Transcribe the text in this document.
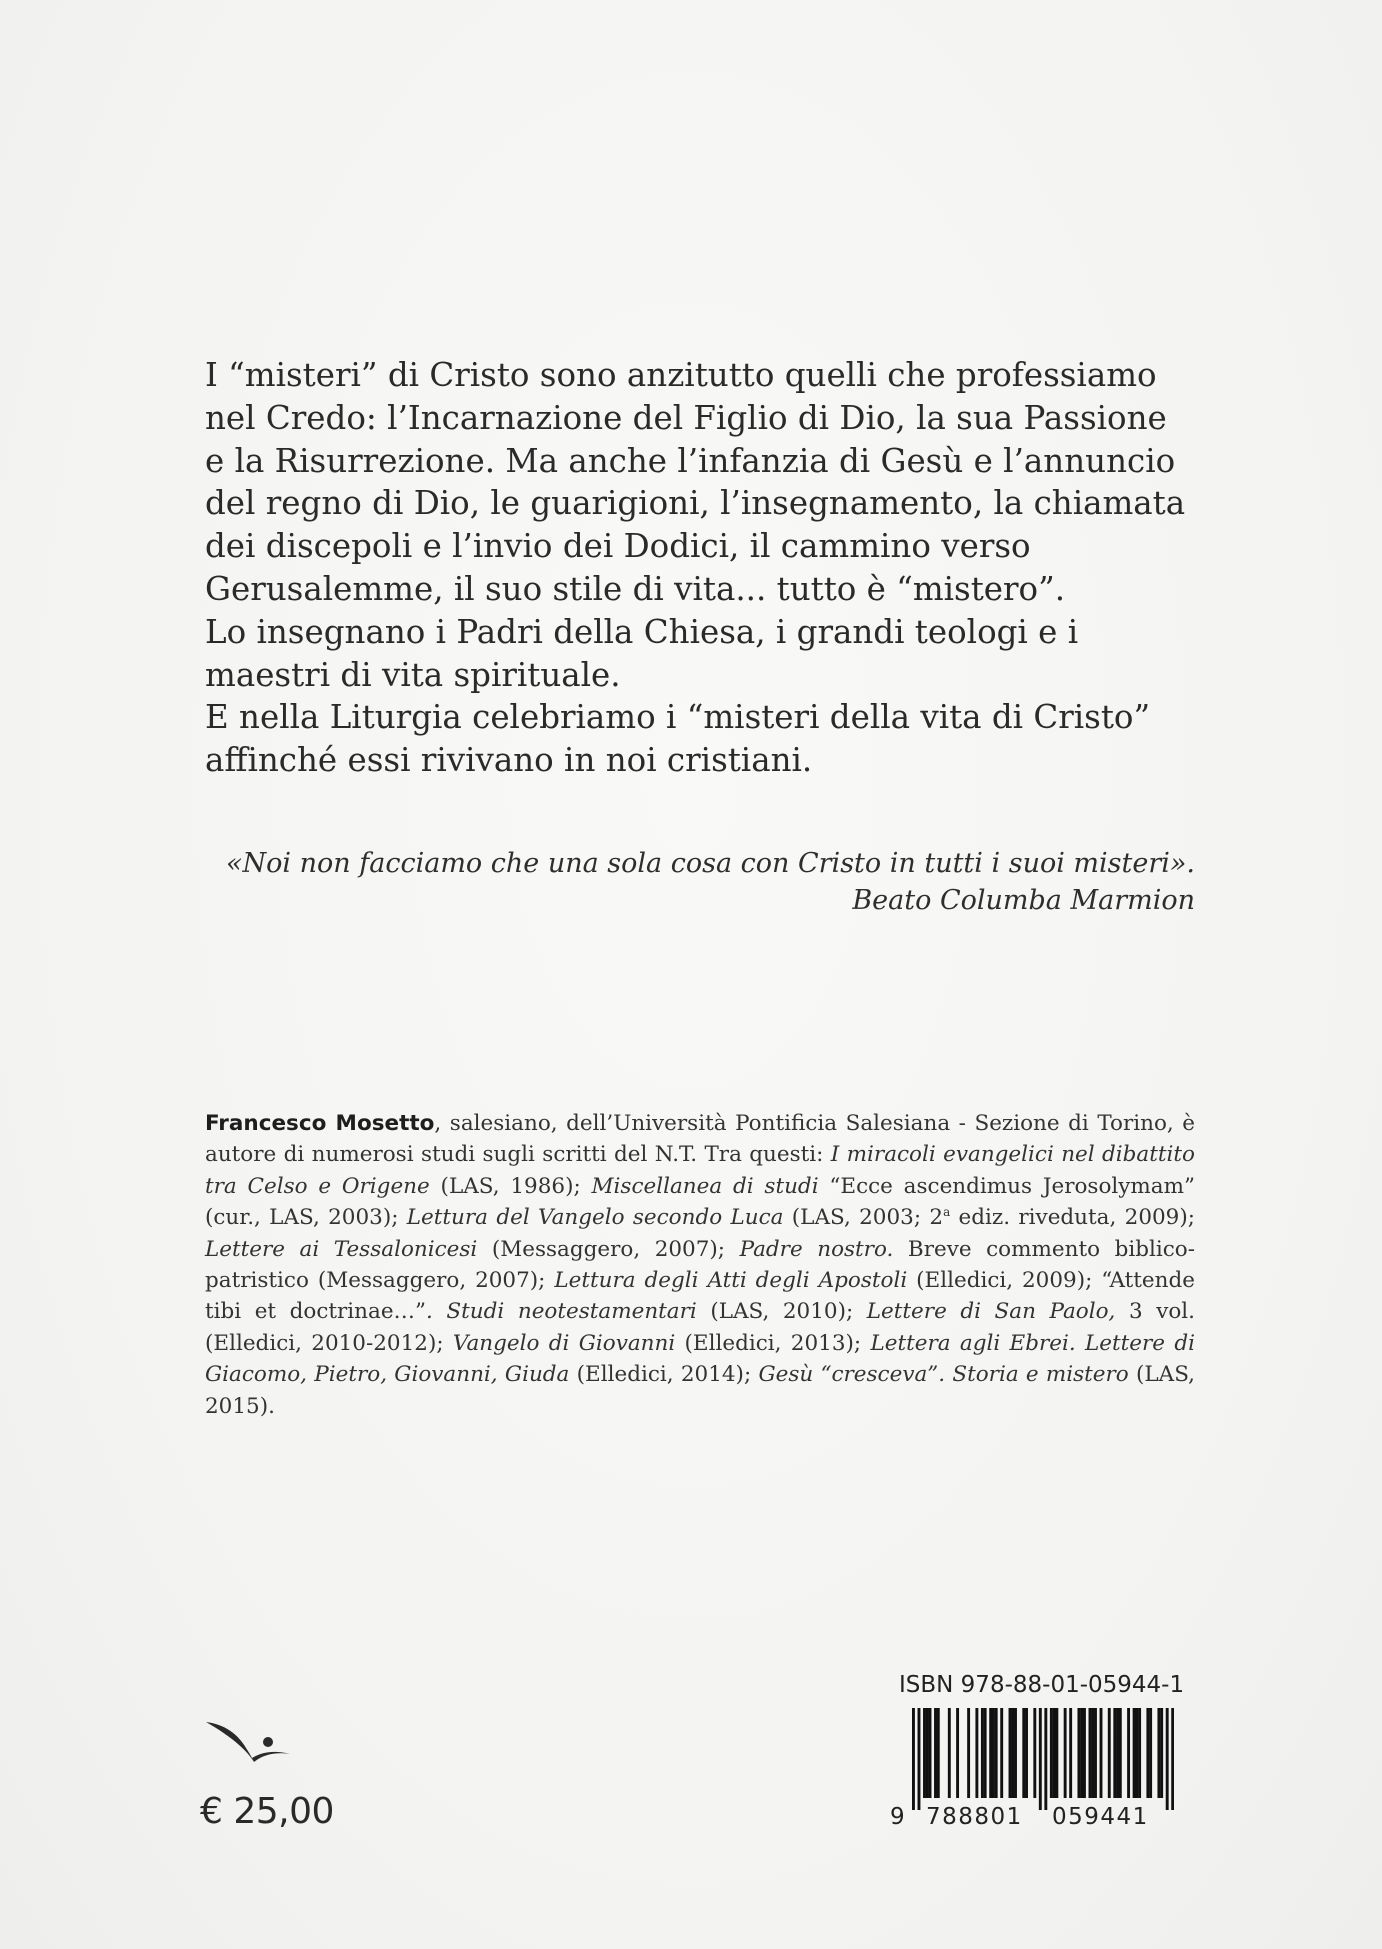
I “misteri” di Cristo sono anzitutto quelli che professiamo nel Credo: l’Incarnazione del Figlio di Dio, la sua Passione e la Risurrezione. Ma anche l’infanzia di Gesù e l’annuncio del regno di Dio, le guarigioni, l’insegnamento, la chiamata dei discepoli e l’invio dei Dodici, il cammino verso Gerusalemme, il suo stile di vita... tutto è “mistero”.

Lo insegnano i Padri della Chiesa, i grandi teologi e i maestri di vita spirituale.

E nella Liturgia celebriamo i “misteri della vita di Cristo” affinché essi rivivano in noi cristiani.

«Noi non facciamo che una sola cosa con Cristo in tutti i suoi misteri».
Beato Columba Marmion
Francesco Mosetto, salesiano, dell’Università Pontificia Salesiana - Sezione di Torino, è autore di numerosi studi sugli scritti del N.T. Tra questi: I miracoli evangelici nel dibattito tra Celso e Origene (LAS, 1986); Miscellanea di studi “Ecce ascendimus Jerosolymam” (cur., LAS, 2003); Lettura del Vangelo secondo Luca (LAS, 2003; 2$^a$ ediz. riveduta, 2009); Lettere ai Tessalonicesi (Messaggero, 2007); Padre nostro. Breve commento biblico-patristico (Messaggero, 2007); Lettura degli Atti degli Apostoli (Elledici, 2009); “Attende tibi et doctrinae…”. Studi neotestamentari (LAS, 2010); Lettere di San Paolo, 3 vol. (Elledici, 2010-2012); Vangelo di Giovanni (Elledici, 2013); Lettera agli Ebrei. Lettere di Giacomo, Pietro, Giovanni, Giuda (Elledici, 2014); Gesù “cresceva”. Storia e mistero (LAS, 2015).
€ 25,00
ISBN 978-88-01-05944-1
9 788801 059441
